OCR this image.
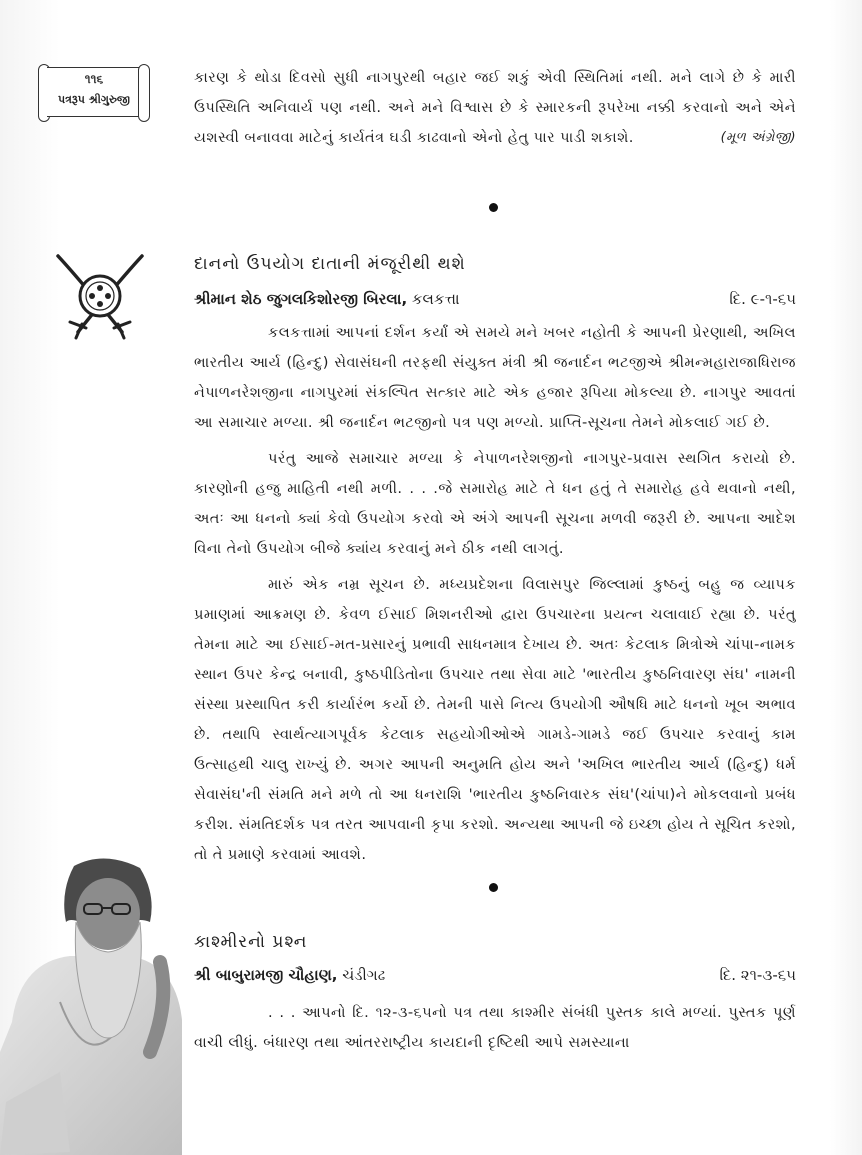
૧૧૬
પત્રરૂપ શ્રીગુરુજી

કારણ કે થોડા દિવસો સુધી નાગપુરથી બહાર જઈ શકું એવી સ્થિતિમાં નથી. મને લાગે છે કે મારી ઉપસ્થિતિ અનિવાર્ય પણ નથી. અને મને વિશ્વાસ છે કે સ્મારકની રૂપરેખા નક્કી કરવાનો અને એને યશસ્વી બનાવવા માટેનું કાર્યતંત્ર ઘડી કાઢવાનો એનો હેતુ પાર પાડી શકાશે.	(મૂળ અંગ્રેજી)

દાનનો ઉપયોગ દાતાની મંજૂરીથી થશે
શ્રીમાન શેઠ જુગલકિશોરજી બિરલા, કલકત્તા	દિ. ૯-૧-૬૫

કલકત્તામાં આપનાં દર્શન કર્યાં એ સમયે મને ખબર નહોતી કે આપની પ્રેરણાથી, અખિલ ભારતીય આર્ય (હિન્દુ) સેવાસંઘની તરફથી સંયુક્ત મંત્રી શ્રી જનાર્દન ભટજીએ શ્રીમન્મહારાજાધિરાજ નેપાળનરેશજીના નાગપુરમાં સંકલ્પિત સત્કાર માટે એક હજાર રૂપિયા મોકલ્યા છે. નાગપુર આવતાં આ સમાચાર મળ્યા. શ્રી જનાર્દન ભટજીનો પત્ર પણ મળ્યો. પ્રાપ્તિ-સૂચના તેમને મોકલાઈ ગઈ છે.

પરંતુ આજે સમાચાર મળ્યા કે નેપાળનરેશજીનો નાગપુર-પ્રવાસ સ્થગિત કરાયો છે. કારણોની હજુ માહિતી નથી મળી. . . .જે સમારોહ માટે તે ધન હતું તે સમારોહ હવે થવાનો નથી, અતઃ આ ધનનો ક્યાં કેવો ઉપયોગ કરવો એ અંગે આપની સૂચના મળવી જરૂરી છે. આપના આદેશ વિના તેનો ઉપયોગ બીજે ક્યાંય કરવાનું મને ઠીક નથી લાગતું.

મારું એક નમ્ર સૂચન છે. મધ્યપ્રદેશના વિલાસપુર જિલ્લામાં કુષ્ઠનું બહુ જ વ્યાપક પ્રમાણમાં આક્રમણ છે. કેવળ ઈસાઈ મિશનરીઓ દ્વારા ઉપચારના પ્રયત્ન ચલાવાઈ રહ્યા છે. પરંતુ તેમના માટે આ ઈસાઈ-મત-પ્રસારનું પ્રભાવી સાધનમાત્ર દેખાય છે. અતઃ કેટલાક મિત્રોએ ચાંપા-નામક સ્થાન ઉપર કેન્દ્ર બનાવી, કુષ્ઠપીડિતોના ઉપચાર તથા સેવા માટે 'ભારતીય કુષ્ઠનિવારણ સંઘ' નામની સંસ્થા પ્રસ્થાપિત કરી કાર્યારંભ કર્યો છે. તેમની પાસે નિત્ય ઉપયોગી ઔષધિ માટે ધનનો ખૂબ અભાવ છે. તથાપિ સ્વાર્થત્યાગપૂર્વક કેટલાક સહયોગીઓએ ગામડે-ગામડે જઈ ઉપચાર કરવાનું કામ ઉત્સાહથી ચાલુ રાખ્યું છે. અગર આપની અનુમતિ હોય અને 'અખિલ ભારતીય આર્ય (હિન્દુ) ધર્મ સેવાસંઘ'ની સંમતિ મને મળે તો આ ધનરાશિ 'ભારતીય કુષ્ઠનિવારક સંઘ'(ચાંપા)ને મોકલવાનો પ્રબંધ કરીશ. સંમતિદર્શક પત્ર તરત આપવાની કૃપા કરશો. અન્યથા આપની જે ઇચ્છા હોય તે સૂચિત કરશો, તો તે પ્રમાણે કરવામાં આવશે.

કાશ્મીરનો પ્રશ્ન
શ્રી બાબુરામજી ચૌહાણ, ચંડીગઢ	દિ. ૨૧-૩-૬૫

. . . આપનો દિ. ૧૨-૩-૬૫નો પત્ર તથા કાશ્મીર સંબંધી પુસ્તક કાલે મળ્યાં. પુસ્તક પૂર્ણ વાચી લીધું. બંધારણ તથા આંતરરાષ્ટ્રીય કાયદાની દૃષ્ટિથી આપે સમસ્યાના
